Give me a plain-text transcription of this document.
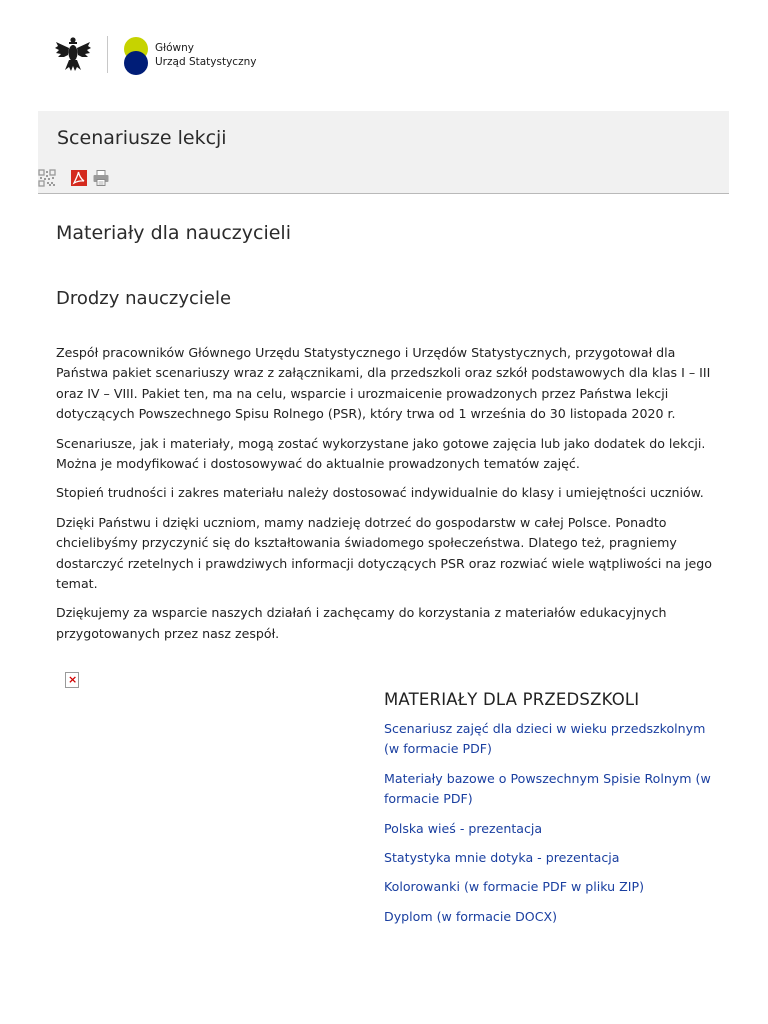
Główny
Urząd Statystyczny
Scenariusze lekcji
Materiały dla nauczycieli
Drodzy nauczyciele

Zespół pracowników Głównego Urzędu Statystycznego i Urzędów Statystycznych, przygotował dla Państwa pakiet scenariuszy wraz z załącznikami, dla przedszkoli oraz szkół podstawowych dla klas I – III oraz IV – VIII. Pakiet ten, ma na celu, wsparcie i urozmaicenie prowadzonych przez Państwa lekcji dotyczących Powszechnego Spisu Rolnego (PSR), który trwa od 1 września do 30 listopada 2020 r.

Scenariusze, jak i materiały, mogą zostać wykorzystane jako gotowe zajęcia lub jako dodatek do lekcji. Można je modyfikować i dostosowywać do aktualnie prowadzonych tematów zajęć.

Stopień trudności i zakres materiału należy dostosować indywidualnie do klasy i umiejętności uczniów.

Dzięki Państwu i dzięki uczniom, mamy nadzieję dotrzeć do gospodarstw w całej Polsce. Ponadto chcielibyśmy przyczynić się do kształtowania świadomego społeczeństwa. Dlatego też, pragniemy dostarczyć rzetelnych i prawdziwych informacji dotyczących PSR oraz rozwiać wiele wątpliwości na jego temat.

Dziękujemy za wsparcie naszych działań i zachęcamy do korzystania z materiałów edukacyjnych przygotowanych przez nasz zespół.

×
MATERIAŁY DLA PRZEDSZKOLI
Scenariusz zajęć dla dzieci w wieku przedszkolnym (w formacie PDF)
Materiały bazowe o Powszechnym Spisie Rolnym (w formacie PDF)
Polska wieś - prezentacja
Statystyka mnie dotyka - prezentacja
Kolorowanki (w formacie PDF w pliku ZIP)
Dyplom (w formacie DOCX)
